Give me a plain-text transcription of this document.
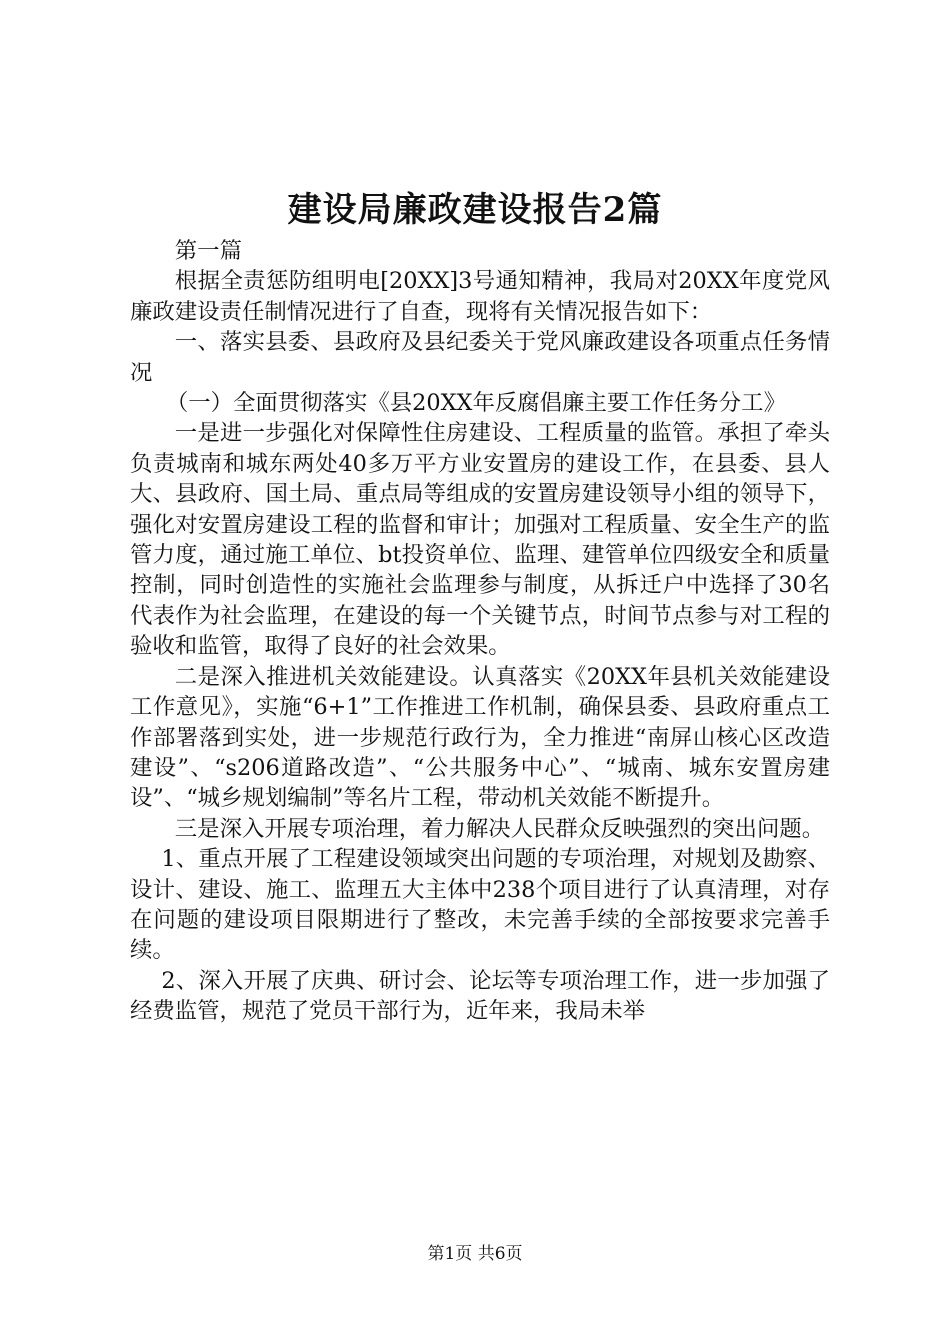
建设局廉政建设报告2篇

第一篇

根据全责惩防组明电[20XX]3号通知精神，我局对20XX年度党风廉政建设责任制情况进行了自查，现将有关情况报告如下：

一、落实县委、县政府及县纪委关于党风廉政建设各项重点任务情况

（一）全面贯彻落实《县20XX年反腐倡廉主要工作任务分工》

一是进一步强化对保障性住房建设、工程质量的监管。承担了牵头负责城南和城东两处40多万平方业安置房的建设工作，在县委、县人大、县政府、国土局、重点局等组成的安置房建设领导小组的领导下，强化对安置房建设工程的监督和审计；加强对工程质量、安全生产的监管力度，通过施工单位、bt投资单位、监理、建管单位四级安全和质量控制，同时创造性的实施社会监理参与制度，从拆迁户中选择了30名代表作为社会监理，在建设的每一个关键节点，时间节点参与对工程的验收和监管，取得了良好的社会效果。

二是深入推进机关效能建设。认真落实《20XX年县机关效能建设工作意见》，实施“6+1”工作推进工作机制，确保县委、县政府重点工作部署落到实处，进一步规范行政行为，全力推进“南屏山核心区改造建设”、“s206道路改造”、“公共服务中心”、“城南、城东安置房建设”、“城乡规划编制”等名片工程，带动机关效能不断提升。

三是深入开展专项治理，着力解决人民群众反映强烈的突出问题。

1、重点开展了工程建设领域突出问题的专项治理，对规划及勘察、设计、建设、施工、监理五大主体中238个项目进行了认真清理，对存在问题的建设项目限期进行了整改，未完善手续的全部按要求完善手续。

2、深入开展了庆典、研讨会、论坛等专项治理工作，进一步加强了经费监管，规范了党员干部行为，近年来，我局未举

第1页 共6页
